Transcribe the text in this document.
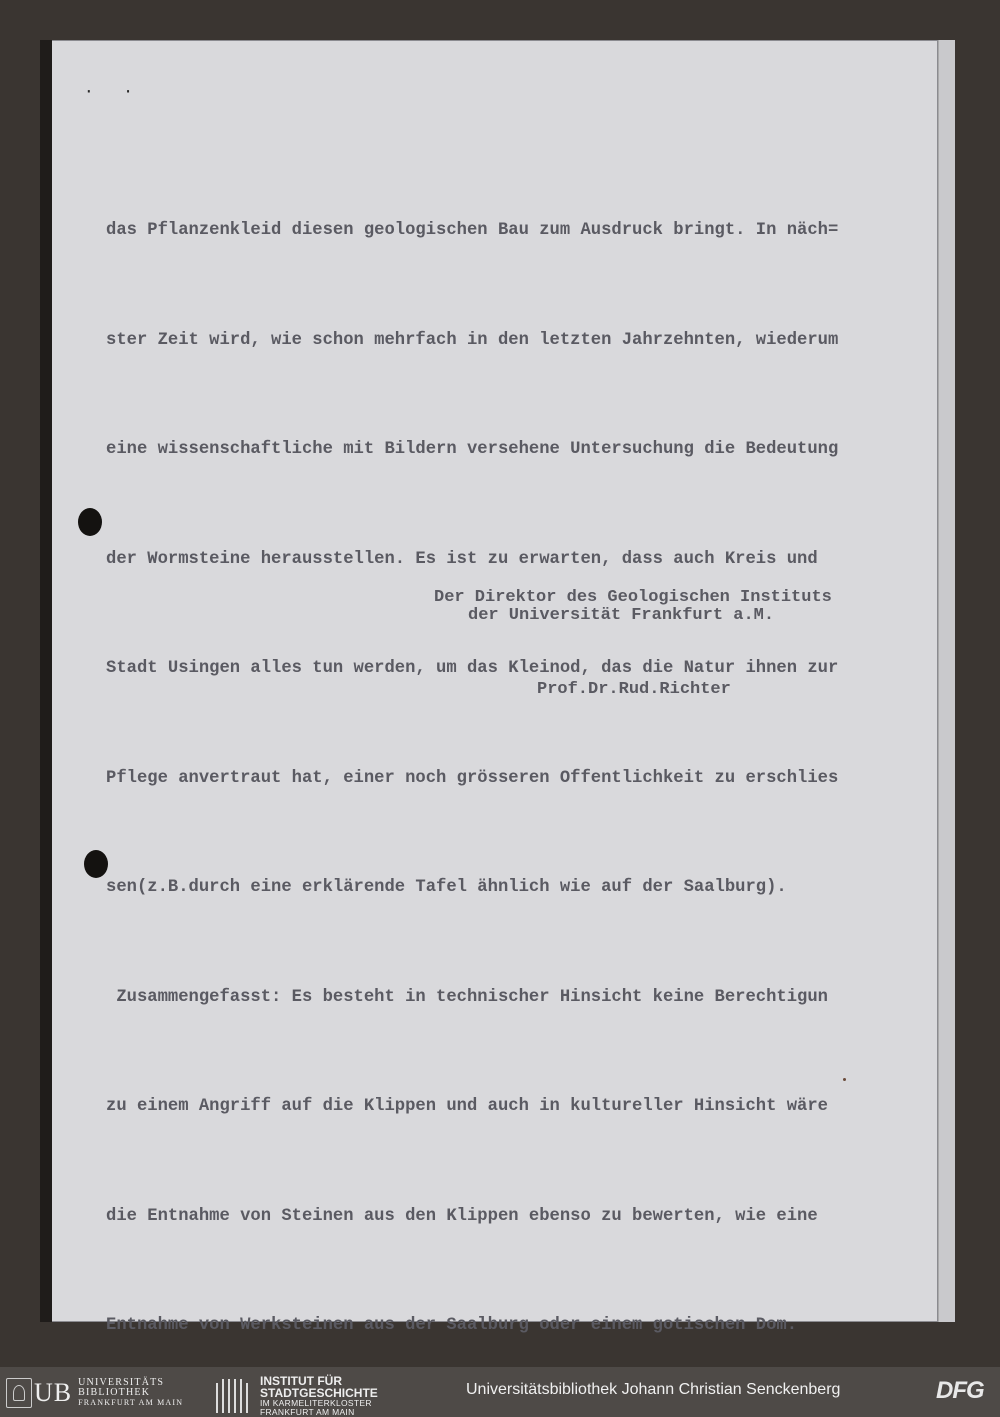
· ·

das Pflanzenkleid diesen geologischen Bau zum Ausdruck bringt. In näch=

ster Zeit wird, wie schon mehrfach in den letzten Jahrzehnten, wiederum

eine wissenschaftliche mit Bildern versehene Untersuchung die Bedeutung

der Wormsteine herausstellen. Es ist zu erwarten, dass auch Kreis und

Stadt Usingen alles tun werden, um das Kleinod, das die Natur ihnen zur

Pflege anvertraut hat, einer noch grösseren Offentlichkeit zu erschlies

sen(z.B.durch eine erklärende Tafel ähnlich wie auf der Saalburg).

Zusammengefasst: Es besteht in technischer Hinsicht keine Berechtigun

zu einem Angriff auf die Klippen und auch in kultureller Hinsicht wäre

die Entnahme von Steinen aus den Klippen ebenso zu bewerten, wie eine

Entnahme von Werksteinen aus der Saalburg oder einem gotischen Dom.

Der Direktor des Geologischen Instituts
der Universität Frankfurt a.M.
Prof.Dr.Rud.Richter
UB UNIVERSITÄTS
BIBLIOTHEK
FRANKFURT AM MAIN
INSTITUT FÜR
STADTGESCHICHTE
IM KARMELITERKLOSTER
FRANKFURT AM MAIN
Universitätsbibliothek Johann Christian Senckenberg	DFG
